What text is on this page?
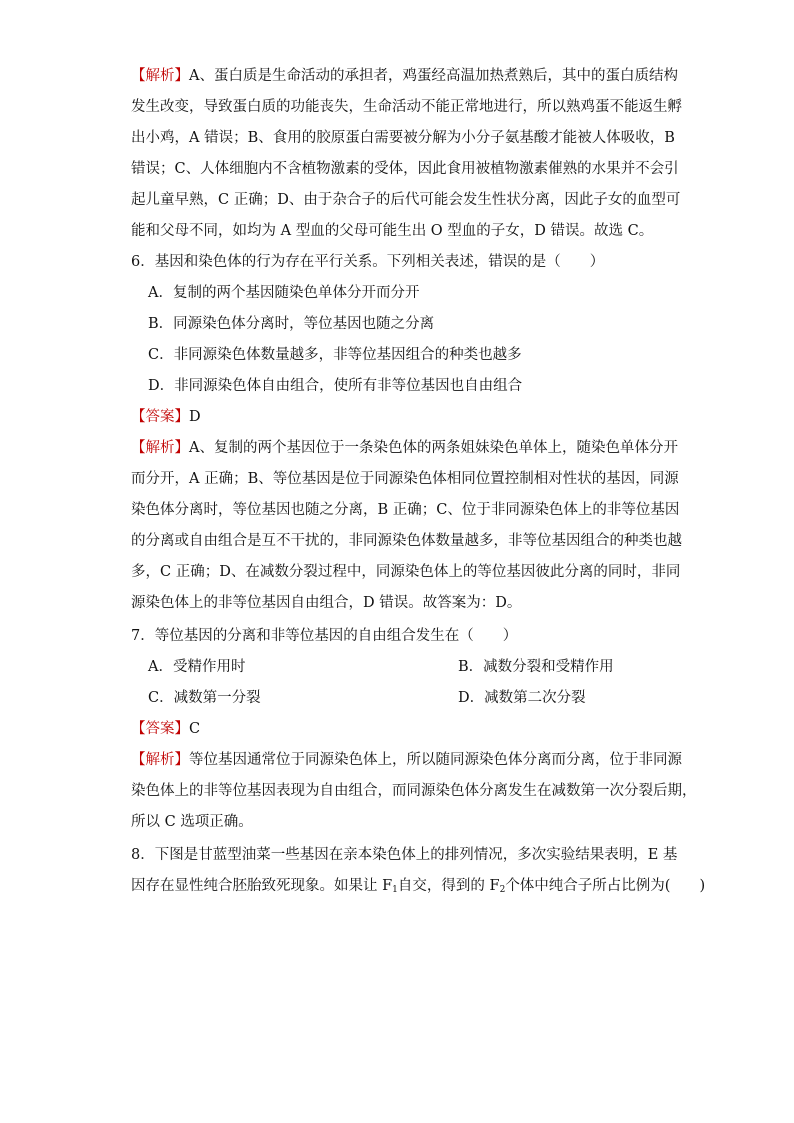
【解析】A、蛋白质是生命活动的承担者，鸡蛋经高温加热煮熟后，其中的蛋白质结构
发生改变，导致蛋白质的功能丧失，生命活动不能正常地进行，所以熟鸡蛋不能返生孵
出小鸡，A 错误；B、食用的胶原蛋白需要被分解为小分子氨基酸才能被人体吸收，B
错误；C、人体细胞内不含植物激素的受体，因此食用被植物激素催熟的水果并不会引
起儿童早熟，C 正确；D、由于杂合子的后代可能会发生性状分离，因此子女的血型可
能和父母不同，如均为 A 型血的父母可能生出 O 型血的子女，D 错误。故选 C。
6．基因和染色体的行为存在平行关系。下列相关表述，错误的是（　　）
A．复制的两个基因随染色单体分开而分开
B．同源染色体分离时，等位基因也随之分离
C．非同源染色体数量越多，非等位基因组合的种类也越多
D．非同源染色体自由组合，使所有非等位基因也自由组合
【答案】D
【解析】A、复制的两个基因位于一条染色体的两条姐妹染色单体上，随染色单体分开
而分开，A 正确；B、等位基因是位于同源染色体相同位置控制相对性状的基因，同源
染色体分离时，等位基因也随之分离，B 正确；C、位于非同源染色体上的非等位基因
的分离或自由组合是互不干扰的，非同源染色体数量越多，非等位基因组合的种类也越
多，C 正确；D、在减数分裂过程中，同源染色体上的等位基因彼此分离的同时，非同
源染色体上的非等位基因自由组合，D 错误。故答案为：D。
7．等位基因的分离和非等位基因的自由组合发生在（　　）
A．受精作用时	B．减数分裂和受精作用
C．减数第一分裂	D．减数第二次分裂
【答案】C
【解析】等位基因通常位于同源染色体上，所以随同源染色体分离而分离，位于非同源
染色体上的非等位基因表现为自由组合，而同源染色体分离发生在减数第一次分裂后期，
所以 C 选项正确。
8．下图是甘蓝型油菜一些基因在亲本染色体上的排列情况，多次实验结果表明，E 基
因存在显性纯合胚胎致死现象。如果让 $F_1$自交，得到的 $F_2$个体中纯合子所占比例为(　　)
